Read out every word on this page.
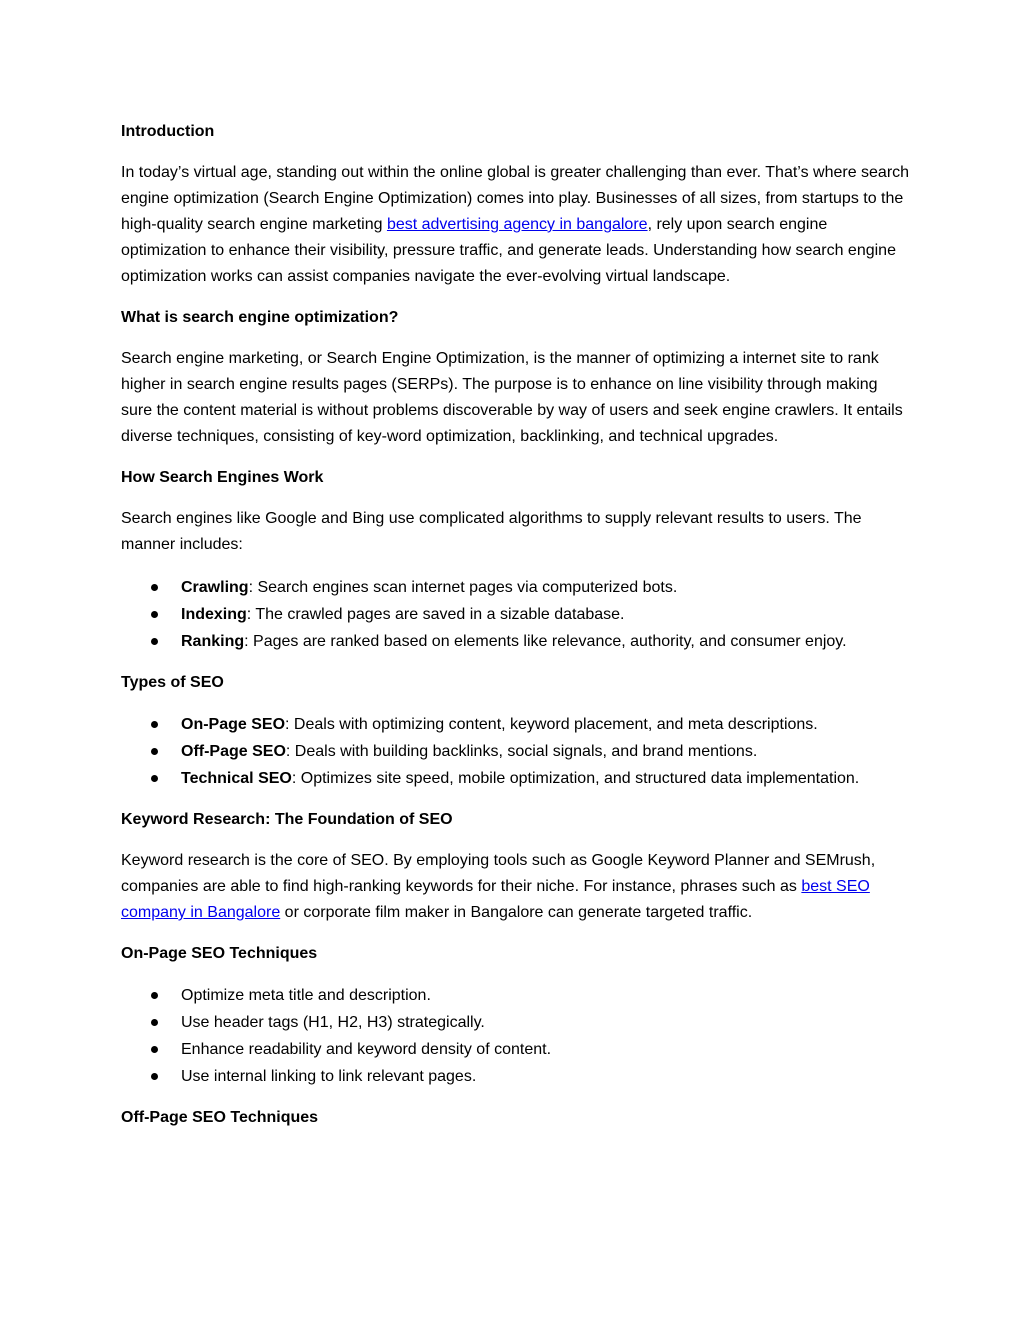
Introduction
In today’s virtual age, standing out within the online global is greater challenging than ever. That’s where search engine optimization (Search Engine Optimization) comes into play. Businesses of all sizes, from startups to the high-quality search engine marketing best advertising agency in bangalore, rely upon search engine optimization to enhance their visibility, pressure traffic, and generate leads. Understanding how search engine optimization works can assist companies navigate the ever-evolving virtual landscape.
What is search engine optimization?
Search engine marketing, or Search Engine Optimization, is the manner of optimizing a internet site to rank higher in search engine results pages (SERPs). The purpose is to enhance on line visibility through making sure the content material is without problems discoverable by way of users and seek engine crawlers. It entails diverse techniques, consisting of key-word optimization, backlinking, and technical upgrades.
How Search Engines Work
Search engines like Google and Bing use complicated algorithms to supply relevant results to users. The manner includes:
Crawling: Search engines scan internet pages via computerized bots.
Indexing: The crawled pages are saved in a sizable database.
Ranking: Pages are ranked based on elements like relevance, authority, and consumer enjoy.
Types of SEO
On-Page SEO: Deals with optimizing content, keyword placement, and meta descriptions.
Off-Page SEO: Deals with building backlinks, social signals, and brand mentions.
Technical SEO: Optimizes site speed, mobile optimization, and structured data implementation.
Keyword Research: The Foundation of SEO
Keyword research is the core of SEO. By employing tools such as Google Keyword Planner and SEMrush, companies are able to find high-ranking keywords for their niche. For instance, phrases such as best SEO company in Bangalore or corporate film maker in Bangalore can generate targeted traffic.
On-Page SEO Techniques
Optimize meta title and description.
Use header tags (H1, H2, H3) strategically.
Enhance readability and keyword density of content.
Use internal linking to link relevant pages.
Off-Page SEO Techniques
